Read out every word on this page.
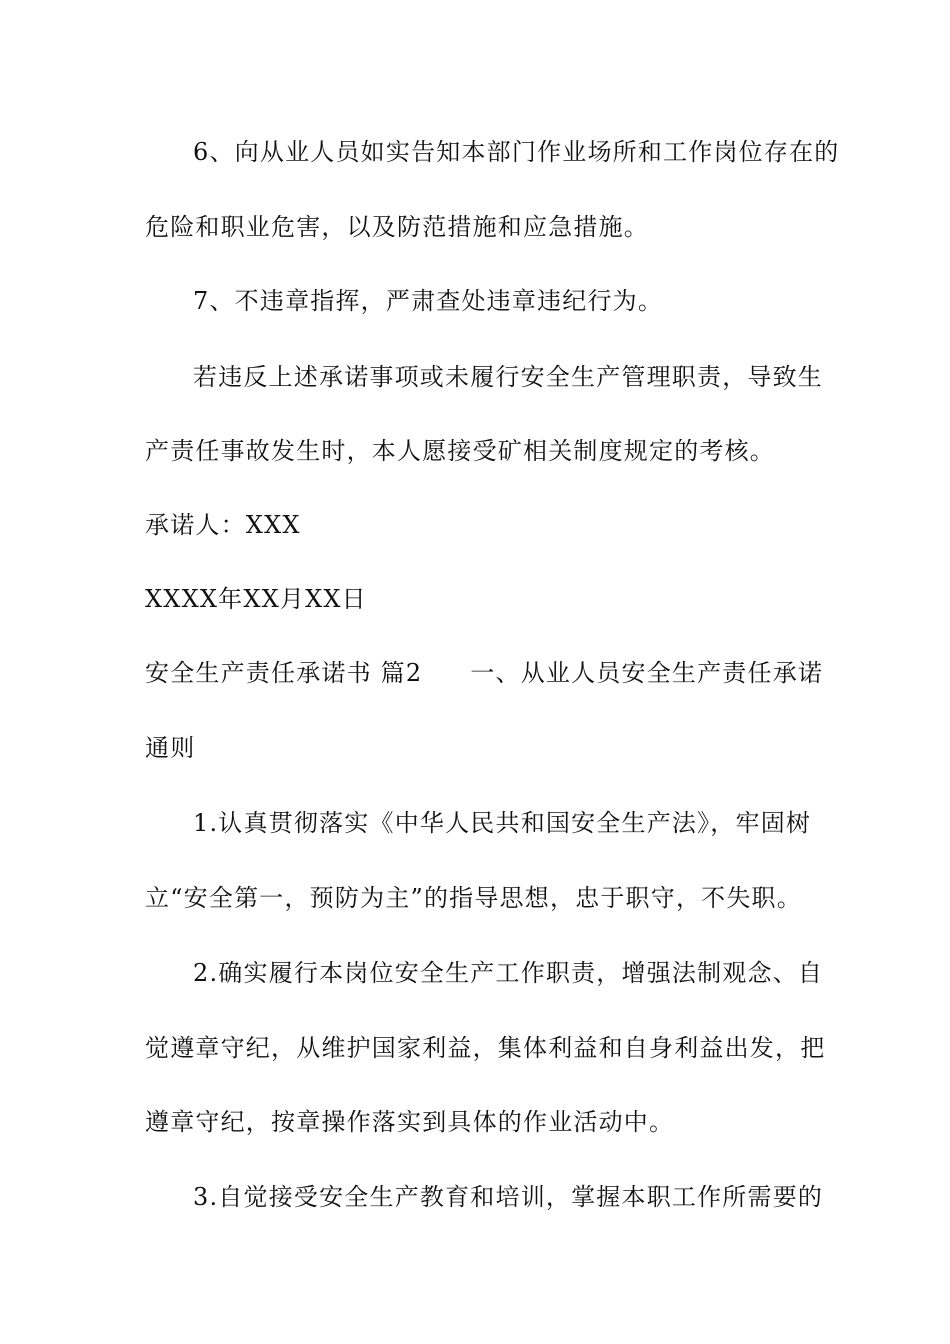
6、向从业人员如实告知本部门作业场所和工作岗位存在的
危险和职业危害，以及防范措施和应急措施。
7、不违章指挥，严肃查处违章违纪行为。
若违反上述承诺事项或未履行安全生产管理职责，导致生
产责任事故发生时，本人愿接受矿相关制度规定的考核。
承诺人：XXX
XXXX年XX月XX日
安全生产责任承诺书 篇2 一、从业人员安全生产责任承诺
通则
1.认真贯彻落实《中华人民共和国安全生产法》，牢固树
立“安全第一，预防为主”的指导思想，忠于职守，不失职。
2.确实履行本岗位安全生产工作职责，增强法制观念、自
觉遵章守纪，从维护国家利益，集体利益和自身利益出发，把
遵章守纪，按章操作落实到具体的作业活动中。
3.自觉接受安全生产教育和培训，掌握本职工作所需要的
